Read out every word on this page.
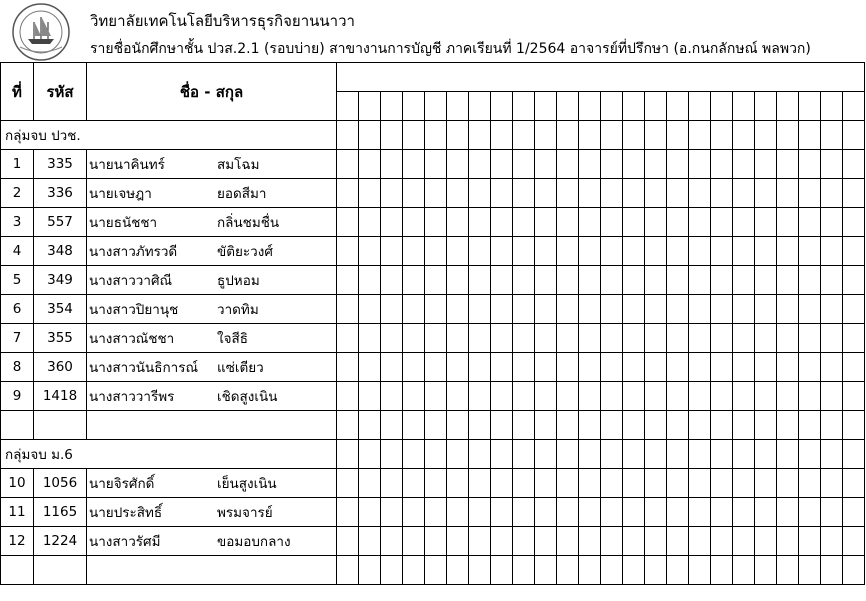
วิทยาลัยเทคโนโลยีบริหารธุรกิจยานนาวา
รายชื่อนักศึกษาชั้น ปวส.2.1 (รอบบ่าย) สาขางานการบัญชี ภาคเรียนที่ 1/2564 อาจารย์ที่ปรึกษา (อ.กนกลักษณ์ พลพวก)
ที่	รหัส	ชื่อ - สกุล																								

กลุ่มจบ ปวช.																										
1	335	นายนาคินทร์ สมโฉม																								

2	336	นายเจษฎา ยอดสีมา																								

3	557	นายธนัชชา กลิ่นชมชื่น																								

4	348	นางสาวภัทรวดี ขัติยะวงศ์																								

5	349	นางสาววาศิณี ธูปหอม																								

6	354	นางสาวปิยานุช วาดทิม																								

7	355	นางสาวณัชชา ใจสีธิ																								

8	360	นางสาวนันธิการณ์ แซ่เตียว																								

9	1418	นางสาววารีพร เชิดสูงเนิน																								

กลุ่มจบ ม.6																										
10	1056	นายจิรศักดิ์ เย็นสูงเนิน																								

11	1165	นายประสิทธิ์ พรมจารย์																								

12	1224	นางสาวรัศมี ขอมอบกลาง																								
